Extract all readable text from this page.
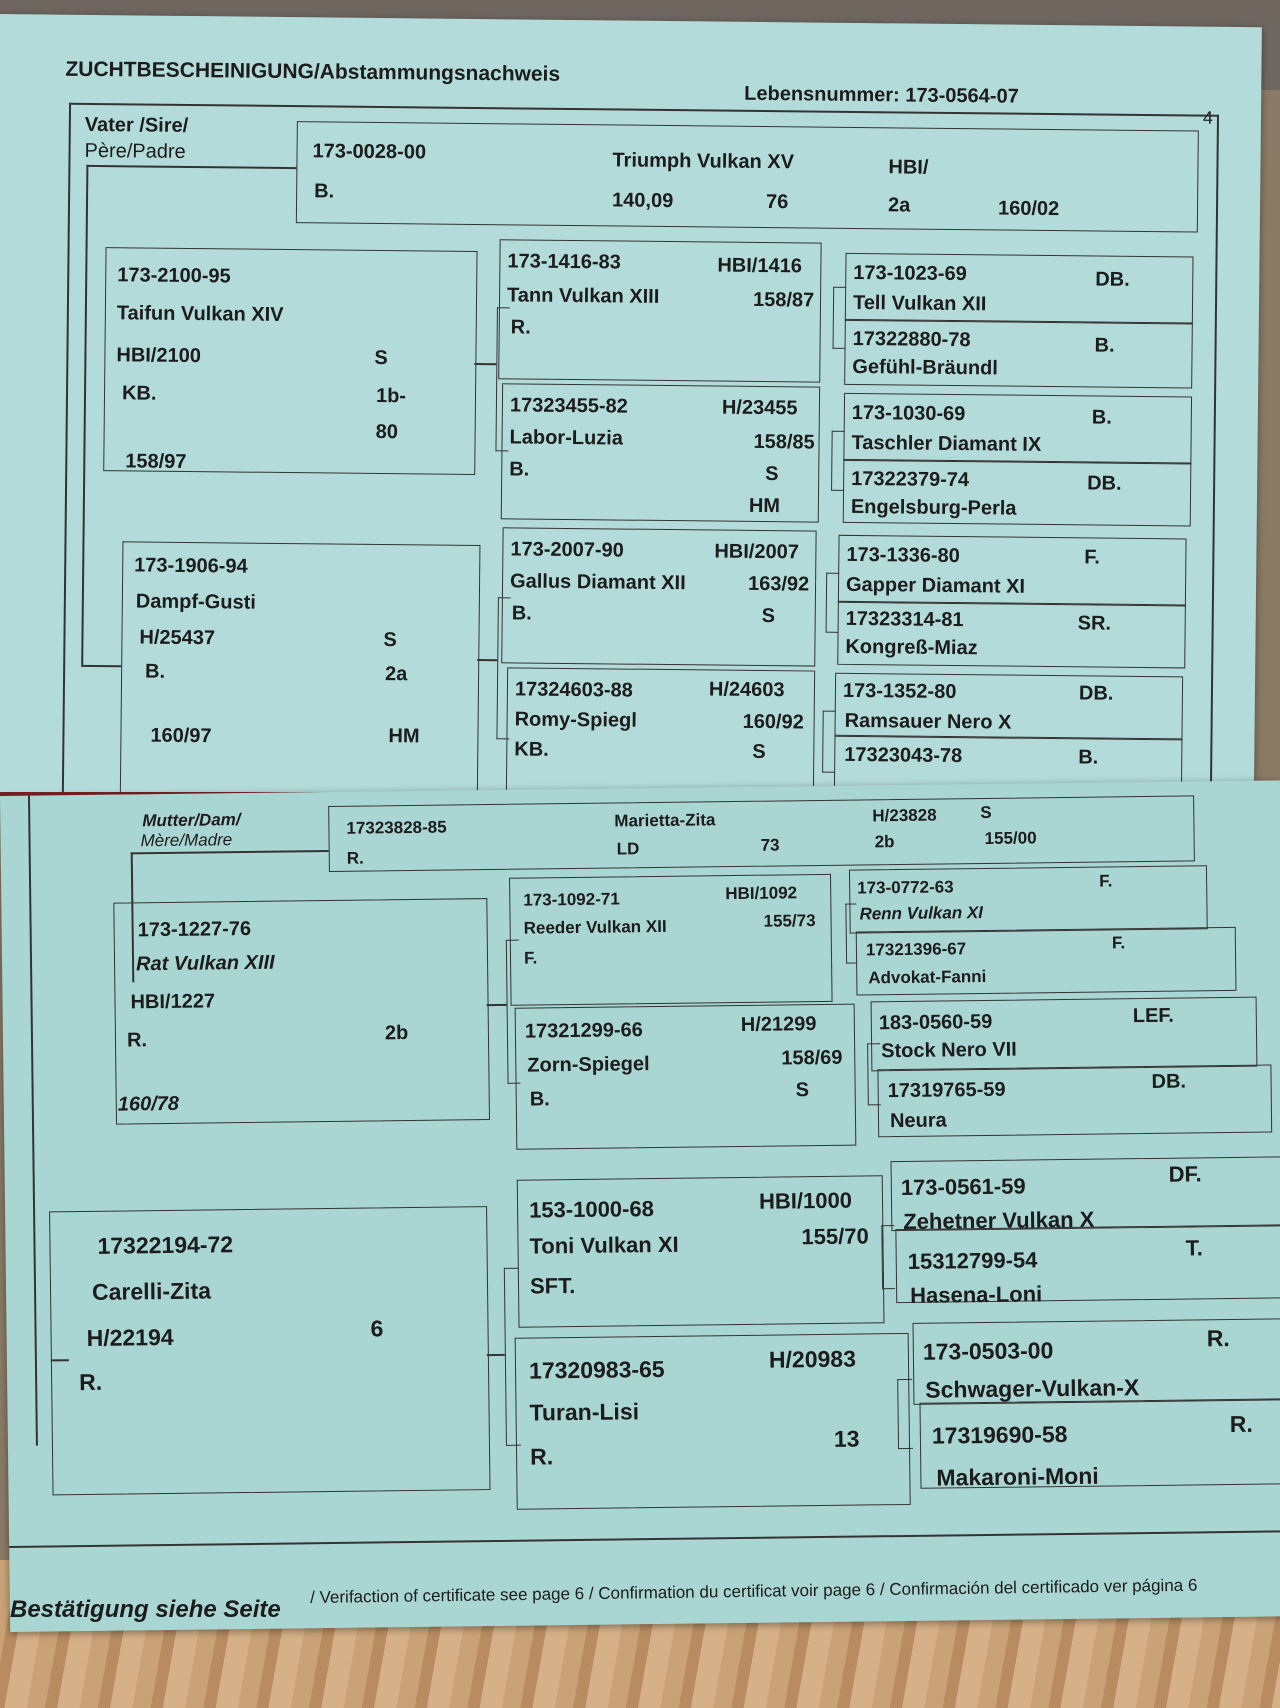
ZUCHTBESCHEINIGUNG/Abstammungsnachweis
Lebensnummer: 173-0564-07
4
Vater /Sire/
Père/Padre	173-0028-00	Triumph Vulkan XV	HBI/
B.	140,09	76	2a	160/02
173-2100-95
Taifun Vulkan XIV
HBI/2100	S
KB.	1b-
80
158/97
173-1416-83	HBI/1416
Tann Vulkan XIII	158/87
R.
173-1023-69	DB.
Tell Vulkan XII
17322880-78	B.
Gefühl-Bräundl
17323455-82	H/23455
Labor-Luzia	158/85
B.	S
HM
173-1030-69	B.
Taschler Diamant IX
17322379-74	DB.
Engelsburg-Perla
173-1906-94
Dampf-Gusti
H/25437	S
B.	2a
160/97	HM
173-2007-90	HBI/2007
Gallus Diamant XII	163/92
B.	S
173-1336-80	F.
Gapper Diamant XI
17323314-81	SR.
Kongreß-Miaz
17324603-88	H/24603
Romy-Spiegl	160/92
KB.	S
173-1352-80	DB.
Ramsauer Nero X
17323043-78	B.
Mutter/Dam/
Mère/Madre
17323828-85	Marietta-Zita	H/23828	S
R.	LD	73	2b	155/00
173-1227-76
Rat Vulkan XIII
HBI/1227
R.	2b
160/78
173-1092-71	HBI/1092
Reeder Vulkan XII	155/73
F.
173-0772-63	F.
Renn Vulkan XI
17321396-67	F.
Advokat-Fanni
17321299-66	H/21299
Zorn-Spiegel	158/69
B.	S
183-0560-59	LEF.
Stock Nero VII
17319765-59	DB.
Neura
17322194-72
Carelli-Zita
H/22194	6
R.
153-1000-68	HBI/1000
Toni Vulkan XI	155/70
SFT.
173-0561-59	DF.
Zehetner Vulkan X
15312799-54	T.
Hasena-Loni
17320983-65	H/20983
Turan-Lisi
13
R.
173-0503-00	R.
Schwager-Vulkan-X
17319690-58	R.
Makaroni-Moni
Bestätigung siehe Seite
/ Verifaction of certificate see page 6 / Confirmation du certificat voir page 6 / Confirmación del certificado ver página 6
